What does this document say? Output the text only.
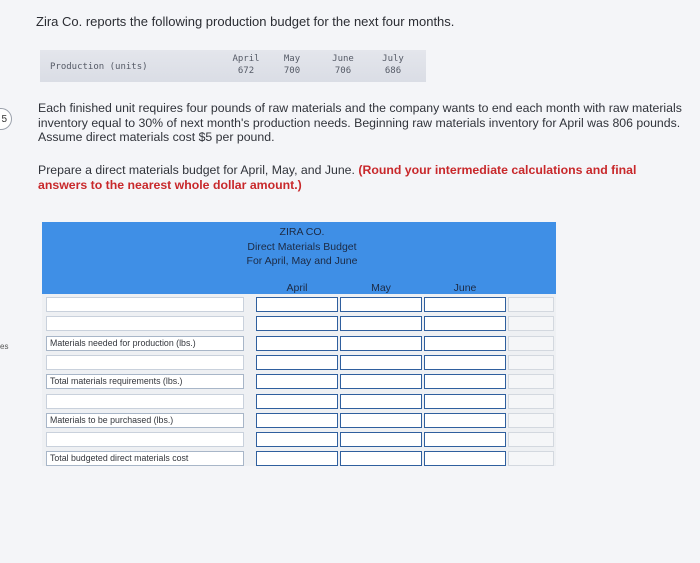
5
es
Zira Co. reports the following production budget for the next four months.
Production (units)
April
672
May
700
June
706
July
686
Each finished unit requires four pounds of raw materials and the company wants to end each month with raw materials inventory equal to 30% of next month's production needs. Beginning raw materials inventory for April was 806 pounds. Assume direct materials cost $5 per pound.
Prepare a direct materials budget for April, May, and June. (Round your intermediate calculations and final answers to the nearest whole dollar amount.)
ZIRA CO.
Direct Materials Budget
For April, May and June
April	May	June
Materials needed for production (lbs.)
Total materials requirements (lbs.)
Materials to be purchased (lbs.)
Total budgeted direct materials cost
